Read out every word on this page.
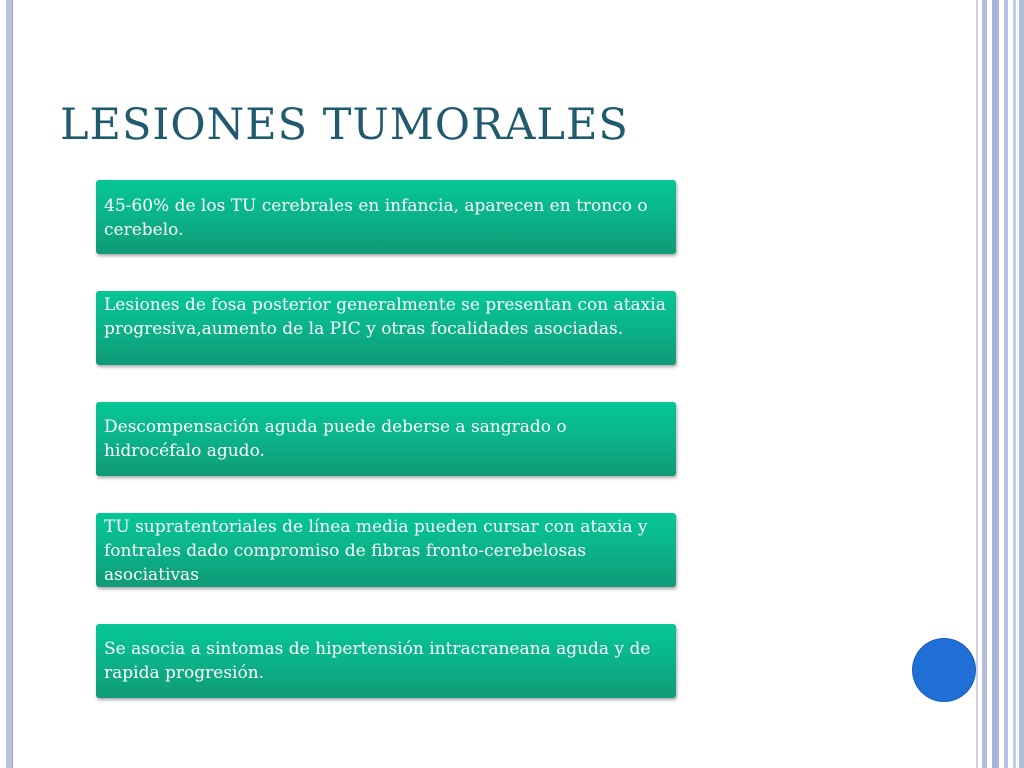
LESIONES TUMORALES
45-60% de los TU cerebrales en infancia, aparecen en tronco o cerebelo.
Lesiones de fosa posterior generalmente se presentan con ataxia progresiva,aumento de la PIC y otras focalidades asociadas.
Descompensación aguda puede deberse a sangrado o hidrocéfalo agudo.
TU supratentoriales de línea media pueden cursar con ataxia y fontrales dado compromiso de fibras fronto-cerebelosas asociativas
Se asocia a sintomas de hipertensión intracraneana aguda y de rapida progresión.
